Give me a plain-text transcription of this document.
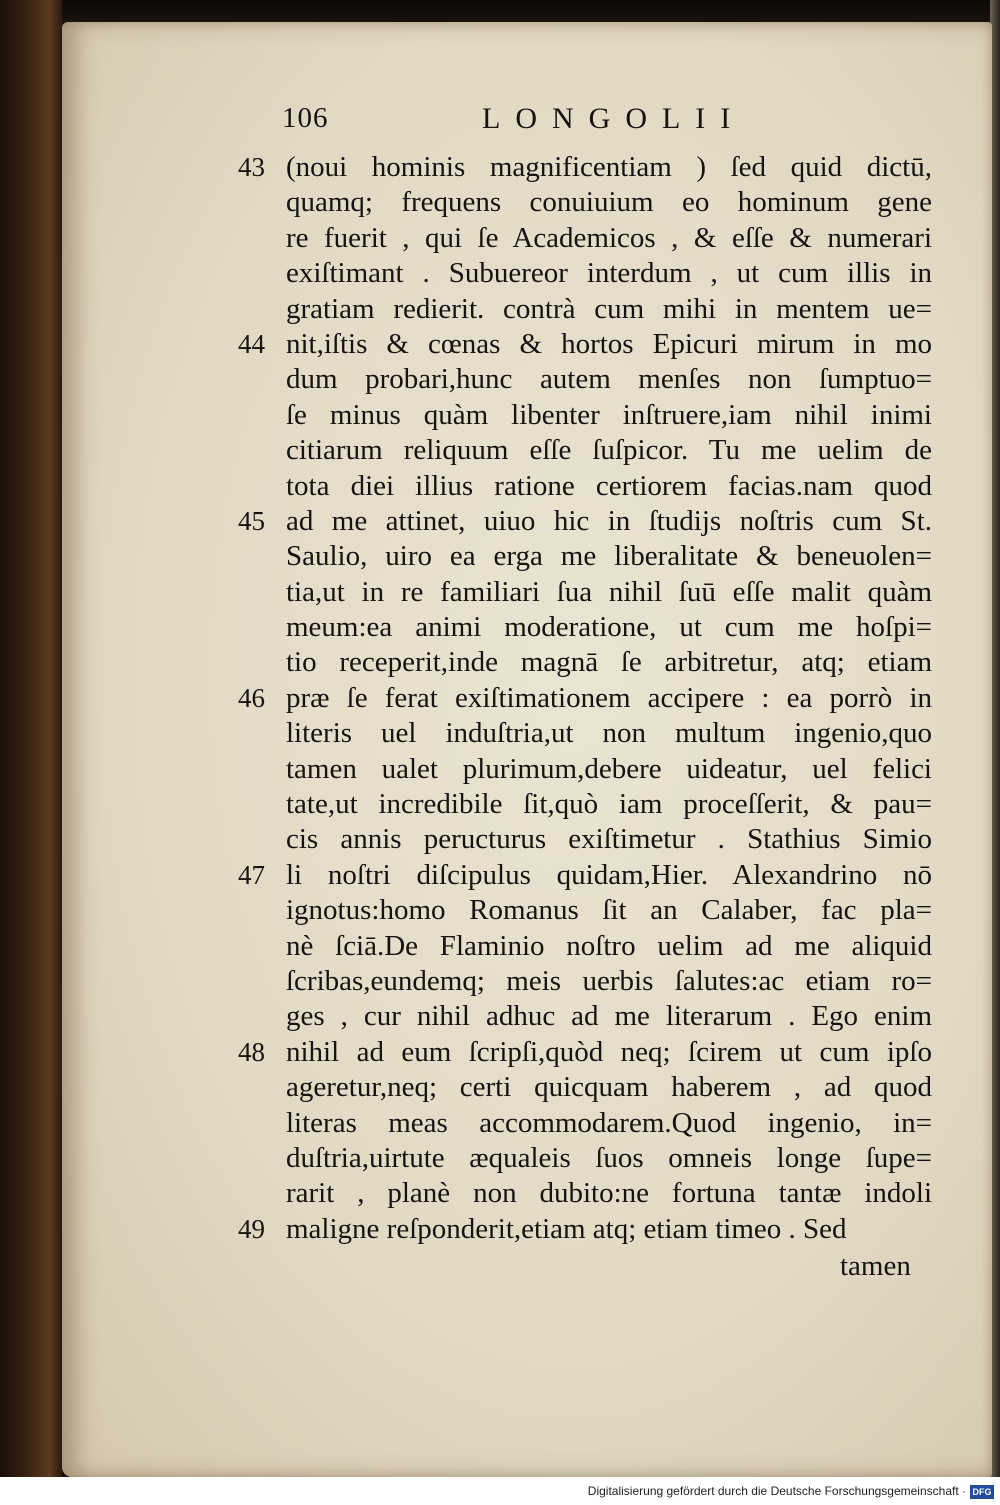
106	LONGOLII
43 (noui hominis magnificentiam ) ſed quid dictū,
quamq; frequens conuiuium eo hominum gene
re fuerit , qui ſe Academicos , & eſſe & numerari
exiſtimant . Subuereor interdum , ut cum illis in
gratiam redierit. contrà cum mihi in mentem ue=
44 nit,iſtis & cœnas & hortos Epicuri mirum in mo
dum probari,hunc autem menſes non ſumptuo=
ſe minus quàm libenter inſtruere,iam nihil inimi
citiarum reliquum eſſe ſuſpicor. Tu me uelim de
tota diei illius ratione certiorem facias.nam quod
45 ad me attinet, uiuo hic in ſtudijs noſtris cum St.
Saulio, uiro ea erga me liberalitate & beneuolen=
tia,ut in re familiari ſua nihil ſuū eſſe malit quàm
meum:ea animi moderatione, ut cum me hoſpi=
tio receperit,inde magnā ſe arbitretur, atq; etiam
46 præ ſe ferat exiſtimationem accipere : ea porrò in
literis uel induſtria,ut non multum ingenio,quo
tamen ualet plurimum,debere uideatur, uel felici
tate,ut incredibile ſit,quò iam proceſſerit, & pau=
cis annis peructurus exiſtimetur . Stathius Simio
47 li noſtri diſcipulus quidam,Hier. Alexandrino nō
ignotus:homo Romanus ſit an Calaber, fac pla=
nè ſciā.De Flaminio noſtro uelim ad me aliquid
ſcribas,eundemq; meis uerbis ſalutes:ac etiam ro=
ges , cur nihil adhuc ad me literarum . Ego enim
48 nihil ad eum ſcripſi,quòd neq; ſcirem ut cum ipſo
ageretur,neq; certi quicquam haberem , ad quod
literas meas accommodarem.Quod ingenio, in=
duſtria,uirtute æqualeis ſuos omneis longe ſupe=
rarit , planè non dubito:ne fortuna tantæ indoli
49 maligne reſponderit,etiam atq; etiam timeo . Sed
tamen
Digitalisierung gefördert durch die Deutsche Forschungsgemeinschaft · DFG
